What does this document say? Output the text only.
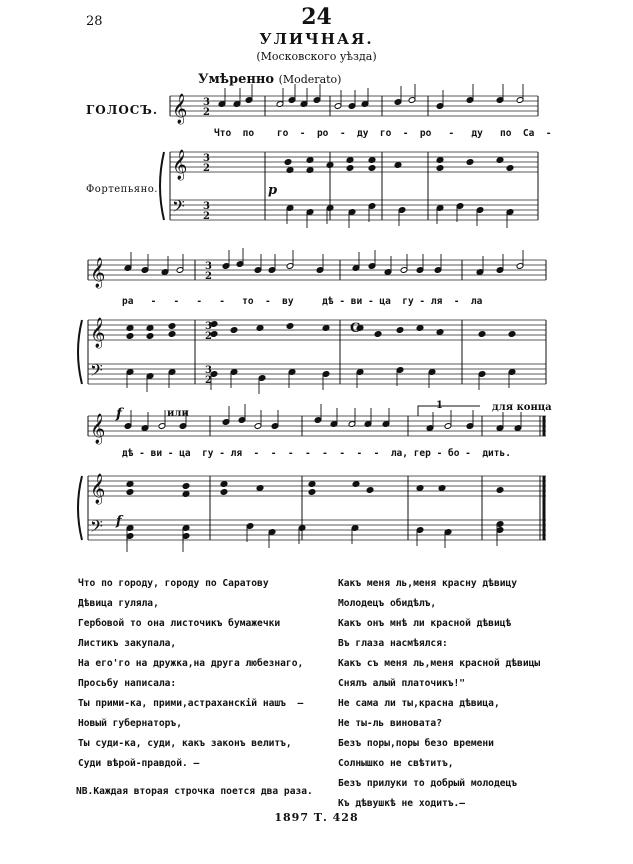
28	24
УЛИЧНАЯ.
(Московского уѣзда)
Умѣренно (Moderato)
ГОЛОСЪ.
Фортепьяно.
𝄞
𝄞
𝄢
3
2
3
2
3
2
𝄞
𝄞
𝄢
3
2
3
2
3
2
C
𝄞
𝄞
𝄢
p
f
f
или
1	для конца
Что  по    го  -  ро  -  ду  го  -  ро   -   ду   по  Са  -
ра   -   -   -   -   то  -  ву     дѣ - ви - ца  гу - ля  -  ла
дѣ - ви - ца  гу - ля  -  -  -  -  -  -  -  -  ла, гер - бо -  дить.
Что по городу, городу по Саратову
Дѣвица гуляла,
Гербовой то она листочикъ бумажечки
Листикъ закупала,
На его'го на дружка,на друга любезнаго,
Просьбу написала:
Ты прими-ка, прими,астраханскій нашъ  —
Новый губернаторъ,
Ты суди-ка, суди, какъ законъ велитъ,
Суди вѣрой-правдой. —
Какъ меня ль,меня красну дѣвицу
Молодецъ обидѣлъ,
Какъ онъ мнѣ ли красной дѣвицѣ
Въ глаза насмѣялся:
Какъ съ меня ль,меня красной дѣвицы
Снялъ алый платочикъ!"
Не сама ли ты,красна дѣвица,
Не ты-ль виновата?
Безъ поры,поры безо времени
Солнышко не свѣтитъ,
Безъ прилуки то добрый молодецъ
Къ дѣвушкѣ не ходитъ.—
NB.Каждая вторая строчка поется два раза.
1897 Т. 428
